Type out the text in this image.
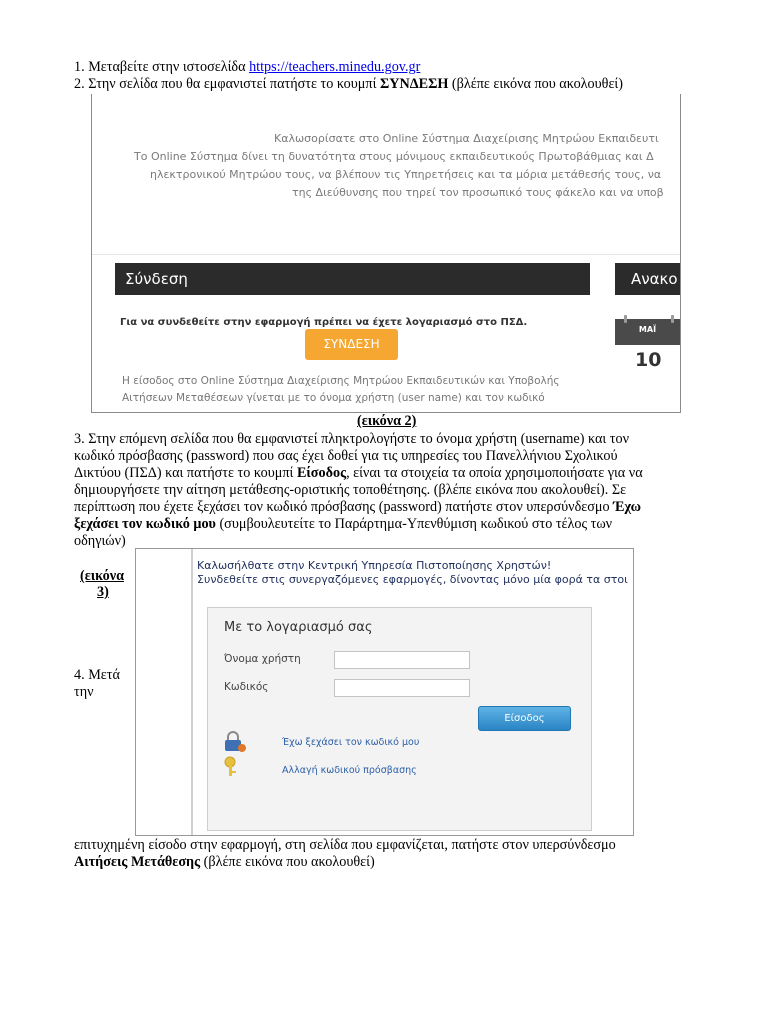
1. Μεταβείτε στην ιστοσελίδα https://teachers.minedu.gov.gr
2. Στην σελίδα που θα εμφανιστεί πατήστε το κουμπί ΣΥΝΔΕΣΗ (βλέπε εικόνα που ακολουθεί)
Καλωσορίσατε στο Online Σύστημα Διαχείρισης Μητρώου Εκπαιδευτι
Το Online Σύστημα δίνει τη δυνατότητα στους μόνιμους εκπαιδευτικούς Πρωτοβάθμιας και Δ
ηλεκτρονικού Μητρώου τους, να βλέπουν τις Υπηρετήσεις και τα μόρια μετάθεσής τους, να
της Διεύθυνσης που τηρεί τον προσωπικό τους φάκελο και να υποβ
Σύνδεση	Ανακο
Για να συνδεθείτε στην εφαρμογή πρέπει να έχετε λογαριασμό στο ΠΣΔ.
ΣΥΝΔΕΣΗ
Η είσοδος στο Online Σύστημα Διαχείρισης Μητρώου Εκπαιδευτικών και Υποβολής
Αιτήσεων Μεταθέσεων γίνεται με το όνομα χρήστη (user name) και τον κωδικό
ΜΑΪ
10
(εικόνα 2)
3. Στην επόμενη σελίδα που θα εμφανιστεί πληκτρολογήστε το όνομα χρήστη (username) και τον
κωδικό πρόσβασης (password) που σας έχει δοθεί για τις υπηρεσίες του Πανελλήνιου Σχολικού
Δικτύου (ΠΣΔ) και πατήστε το κουμπί Είσοδος, είναι τα στοιχεία τα οποία χρησιμοποιήσατε για να
δημιουργήσετε την αίτηση μετάθεσης-οριστικής τοποθέτησης. (βλέπε εικόνα που ακολουθεί). Σε
περίπτωση που έχετε ξεχάσει τον κωδικό πρόσβασης (password) πατήστε στον υπερσύνδεσμο Έχω
ξεχάσει τον κωδικό μου (συμβουλευτείτε το Παράρτημα-Υπενθύμιση κωδικού στο τέλος των
οδηγιών)
(εικόνα
3)
4. Μετά
την
Καλωσήλθατε στην Κεντρική Υπηρεσία Πιστοποίησης Χρηστών!
Συνδεθείτε στις συνεργαζόμενες εφαρμογές, δίνοντας μόνο μία φορά τα στοι
Με το λογαριασμό σας
Όνομα χρήστη
Κωδικός
Είσοδος
Έχω ξεχάσει τον κωδικό μου
Αλλαγή κωδικού πρόσβασης
επιτυχημένη είσοδο στην εφαρμογή, στη σελίδα που εμφανίζεται, πατήστε στον υπερσύνδεσμο
Αιτήσεις Μετάθεσης (βλέπε εικόνα που ακολουθεί)
